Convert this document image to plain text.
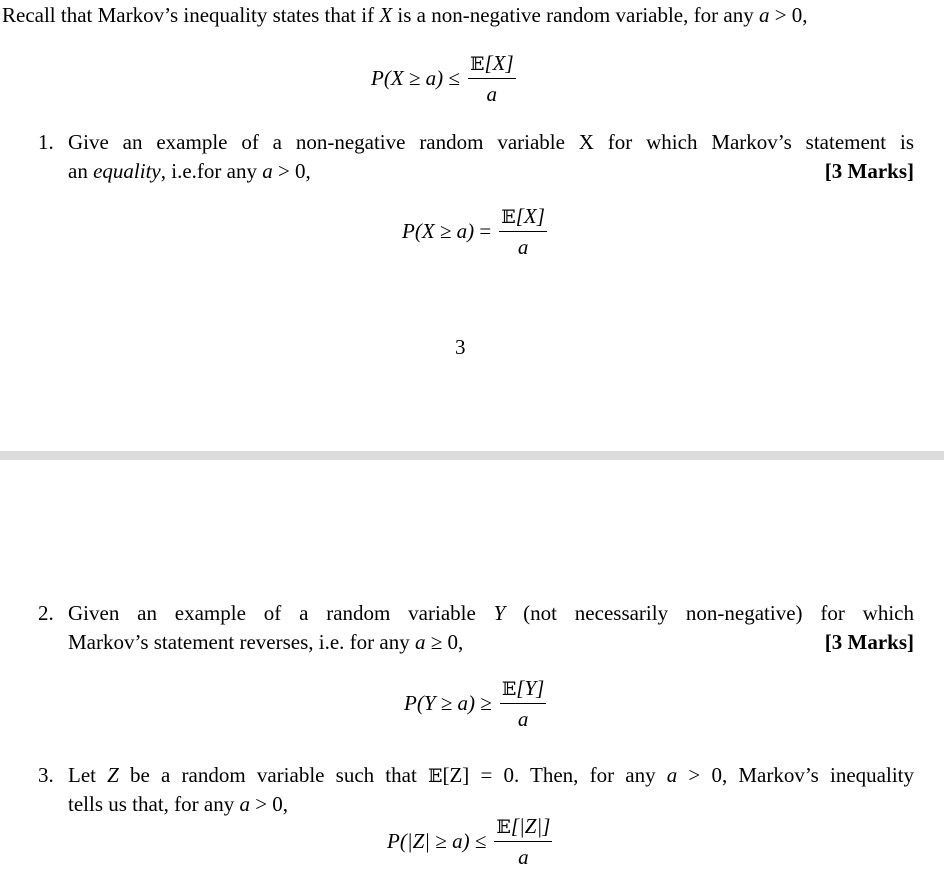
Recall that Markov’s inequality states that if X is a non-negative random variable, for any a > 0,
$P(X \ge a) \le \frac{\text{𝔼[X]}}{a}$
1. Give an example of a non-negative random variable X for which Markov’s statement is
an equality, i.e.for any a > 0,	[3 Marks]
$P(X \ge a) = \frac{\text{𝔼[X]}}{a}$
3
2. Given an example of a random variable Y (not necessarily non-negative) for which
Markov’s statement reverses, i.e. for any a ≥ 0,	[3 Marks]
$P(Y \ge a) \ge \frac{\text{𝔼[Y]}}{a}$
3. Let Z be a random variable such that 𝔼[Z] = 0. Then, for any a > 0, Markov’s inequality
tells us that, for any a > 0,
$P(|Z| \ge a) \le \frac{\text{𝔼[|Z|]}}{a}$
